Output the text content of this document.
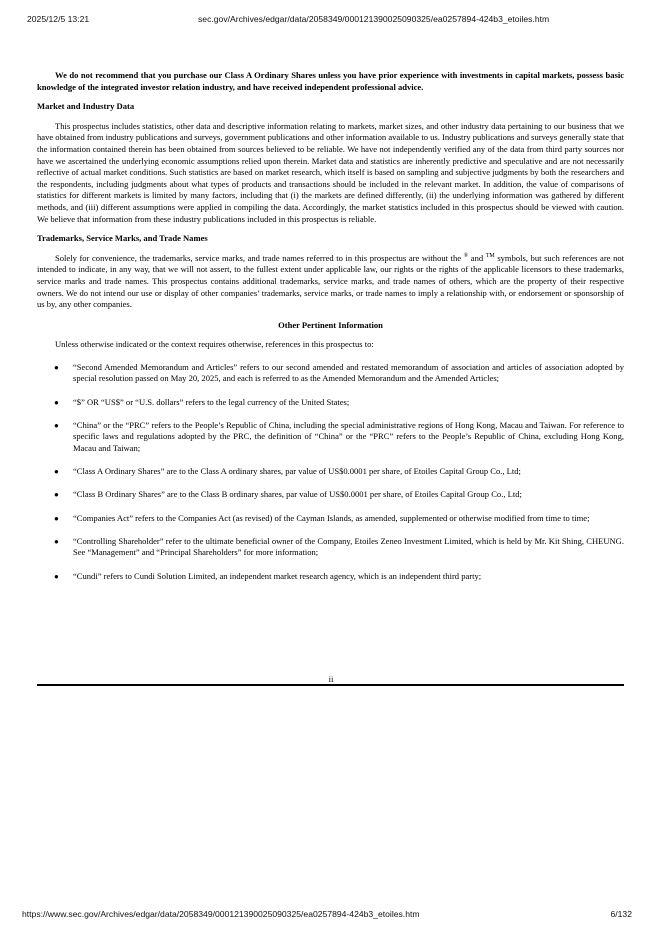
2025/12/5 13:21	sec.gov/Archives/edgar/data/2058349/000121390025090325/ea0257894-424b3_etoiles.htm

We do not recommend that you purchase our Class A Ordinary Shares unless you have prior experience with investments in capital markets, possess basic knowledge of the integrated investor relation industry, and have received independent professional advice.

Market and Industry Data

This prospectus includes statistics, other data and descriptive information relating to markets, market sizes, and other industry data pertaining to our business that we have obtained from industry publications and surveys, government publications and other information available to us. Industry publications and surveys generally state that the information contained therein has been obtained from sources believed to be reliable. We have not independently verified any of the data from third party sources nor have we ascertained the underlying economic assumptions relied upon therein. Market data and statistics are inherently predictive and speculative and are not necessarily reflective of actual market conditions. Such statistics are based on market research, which itself is based on sampling and subjective judgments by both the researchers and the respondents, including judgments about what types of products and transactions should be included in the relevant market. In addition, the value of comparisons of statistics for different markets is limited by many factors, including that (i) the markets are defined differently, (ii) the underlying information was gathered by different methods, and (iii) different assumptions were applied in compiling the data. Accordingly, the market statistics included in this prospectus should be viewed with caution. We believe that information from these industry publications included in this prospectus is reliable.

Trademarks, Service Marks, and Trade Names

Solely for convenience, the trademarks, service marks, and trade names referred to in this prospectus are without the ® and ™ symbols, but such references are not intended to indicate, in any way, that we will not assert, to the fullest extent under applicable law, our rights or the rights of the applicable licensors to these trademarks, service marks and trade names. This prospectus contains additional trademarks, service marks, and trade names of others, which are the property of their respective owners. We do not intend our use or display of other companies’ trademarks, service marks, or trade names to imply a relationship with, or endorsement or sponsorship of us by, any other companies.

Other Pertinent Information

Unless otherwise indicated or the context requires otherwise, references in this prospectus to:

● “Second Amended Memorandum and Articles” refers to our second amended and restated memorandum of association and articles of association adopted by special resolution passed on May 20, 2025, and each is referred to as the Amended Memorandum and the Amended Articles;
● “$” OR “US$” or “U.S. dollars” refers to the legal currency of the United States;
● “China” or the “PRC” refers to the People’s Republic of China, including the special administrative regions of Hong Kong, Macau and Taiwan. For reference to specific laws and regulations adopted by the PRC, the definition of “China” or the “PRC” refers to the People’s Republic of China, excluding Hong Kong, Macau and Taiwan;
● “Class A Ordinary Shares” are to the Class A ordinary shares, par value of US$0.0001 per share, of Etoiles Capital Group Co., Ltd;
● “Class B Ordinary Shares” are to the Class B ordinary shares, par value of US$0.0001 per share, of Etoiles Capital Group Co., Ltd;
● “Companies Act” refers to the Companies Act (as revised) of the Cayman Islands, as amended, supplemented or otherwise modified from time to time;
● “Controlling Shareholder” refer to the ultimate beneficial owner of the Company, Etoiles Zeneo Investment Limited, which is held by Mr. Kit Shing, CHEUNG. See “Management” and “Principal Shareholders” for more information;
● “Cundi” refers to Cundi Solution Limited, an independent market research agency, which is an independent third party;
ii
https://www.sec.gov/Archives/edgar/data/2058349/000121390025090325/ea0257894-424b3_etoiles.htm	6/132
